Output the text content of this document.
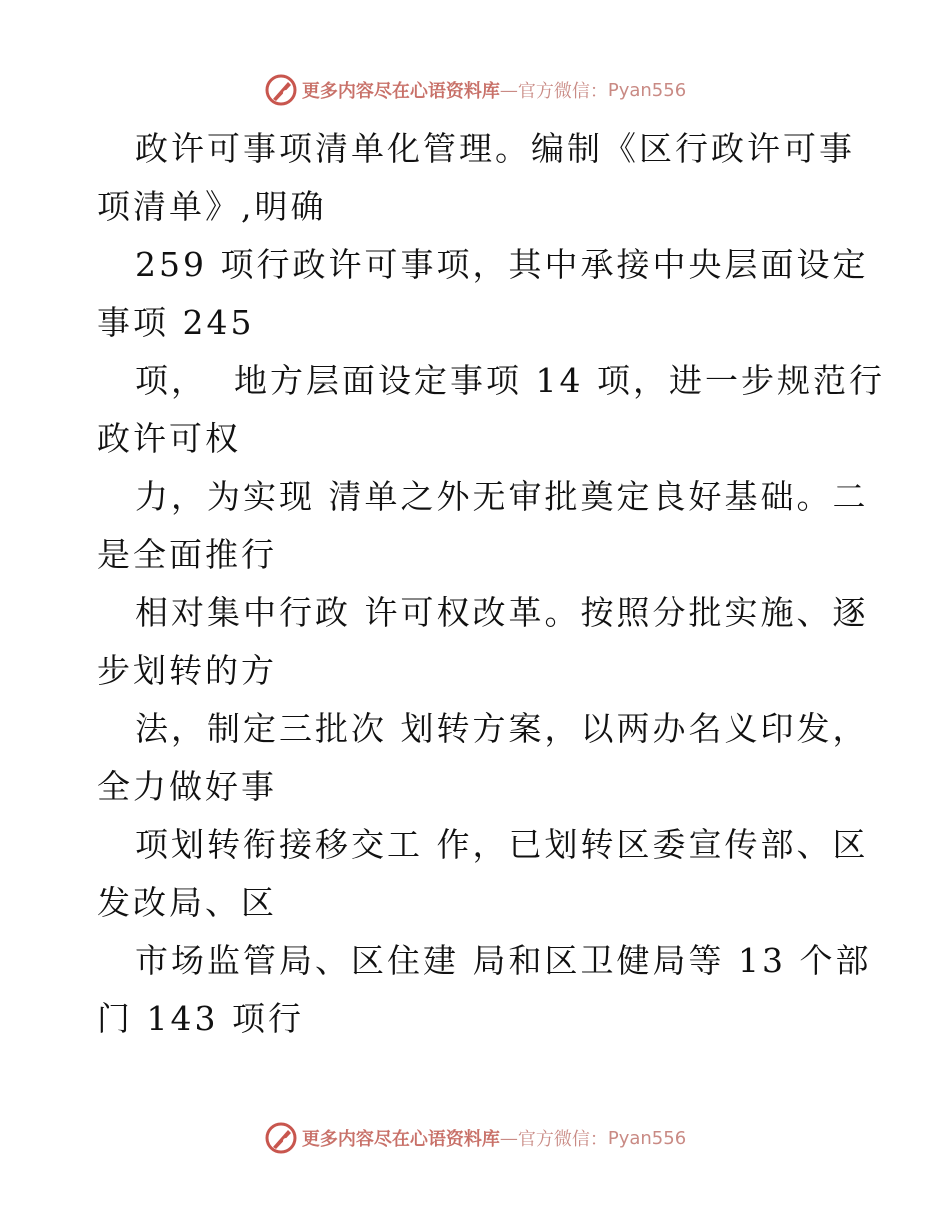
更多内容尽在心语资料库 — 官方微信： Pyan556

政许可事项清单化管理。编制《区行政许可事项清单》,明确

259 项行政许可事项，其中承接中央层面设定事项 245

项，  地方层面设定事项 14 项，进一步规范行政许可权

力，为实现 清单之外无审批奠定良好基础。二是全面推行

相对集中行政 许可权改革。按照分批实施、逐步划转的方

法，制定三批次 划转方案，以两办名义印发，全力做好事

项划转衔接移交工 作，已划转区委宣传部、区发改局、区

市场监管局、区住建 局和区卫健局等 13 个部门 143 项行

更多内容尽在心语资料库 — 官方微信： Pyan556
